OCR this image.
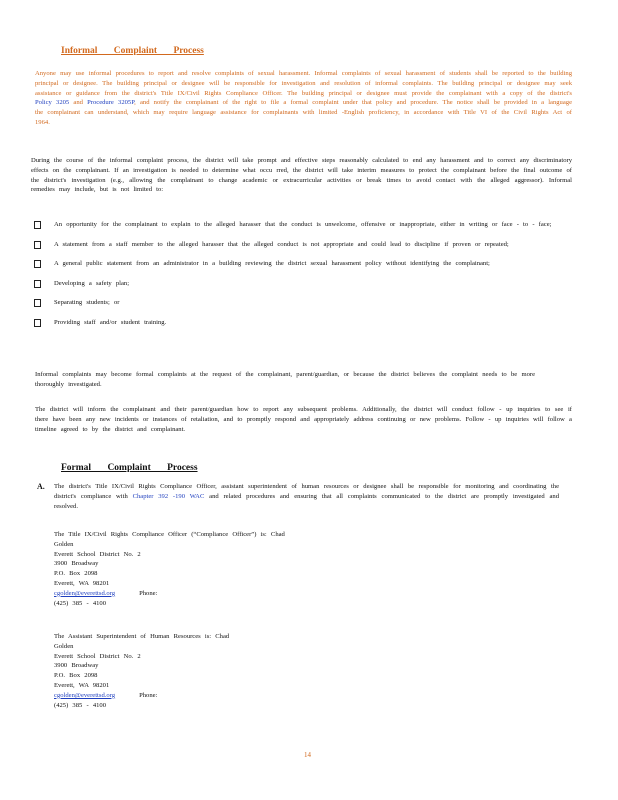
Informal Complaint Process
Anyone may use informal procedures to report and resolve complaints of sexual harassment. Informal complaints of sexual harassment of students shall be reported to the building principal or designee. The building principal or designee will be responsible for investigation and resolution of informal complaints. The building principal or designee may seek assistance or guidance from the district's Title IX/Civil Rights Compliance Officer. The building principal or designee must provide the complainant with a copy of the district's Policy 3205 and Procedure 3205P, and notify the complainant of the right to file a formal complaint under that policy and procedure. The notice shall be provided in a language the complainant can understand, which may require language assistance for complainants with limited -English proficiency, in accordance with Title VI of the Civil Rights Act of 1964.
During the course of the informal complaint process, the district will take prompt and effective steps reasonably calculated to end any harassment and to correct any discriminatory effects on the complainant. If an investigation is needed to determine what occu rred, the district will take interim measures to protect the complainant before the final outcome of the district's investigation (e.g., allowing the complainant to change academic or extracurricular activities or break times to avoid contact with the alleged aggressor). Informal remedies may include, but is not limited to:
An opportunity for the complainant to explain to the alleged harasser that the conduct is unwelcome, offensive or inappropriate, either in writing or face - to - face;
A statement from a staff member to the alleged harasser that the alleged conduct is not appropriate and could lead to discipline if proven or repeated;
A general public statement from an administrator in a building reviewing the district sexual harassment policy without identifying the complainant;
Developing a safety plan;
Separating students; or
Providing staff and/or student training.
Informal complaints may become formal complaints at the request of the complainant, parent/guardian, or because the district believes the complaint needs to be more thoroughly investigated.
The district will inform the complainant and their parent/guardian how to report any subsequent problems. Additionally, the district will conduct follow - up inquiries to see if there have been any new incidents or instances of retaliation, and to promptly respond and appropriately address continuing or new problems. Follow - up inquiries will follow a timeline agreed to by the district and complainant.
Formal Complaint Process
A. The district's Title IX/Civil Rights Compliance Officer, assistant superintendent of human resources or designee shall be responsible for monitoring and coordinating the district's compliance with Chapter 392 -190 WAC and related procedures and ensuring that all complaints communicated to the district are promptly investigated and resolved.
The Title IX/Civil Rights Compliance Officer (“Compliance Officer”) is: Chad
Golden
Everett School District No. 2
3900 Broadway
P.O. Box 2098
Everett, WA 98201
cgolden@everettsd.org	Phone:
(425) 385 - 4100
The Assistant Superintendent of Human Resources is: Chad
Golden
Everett School District No. 2
3900 Broadway
P.O. Box 2098
Everett, WA 98201
cgolden@everettsd.org	Phone:
(425) 385 - 4100
14
